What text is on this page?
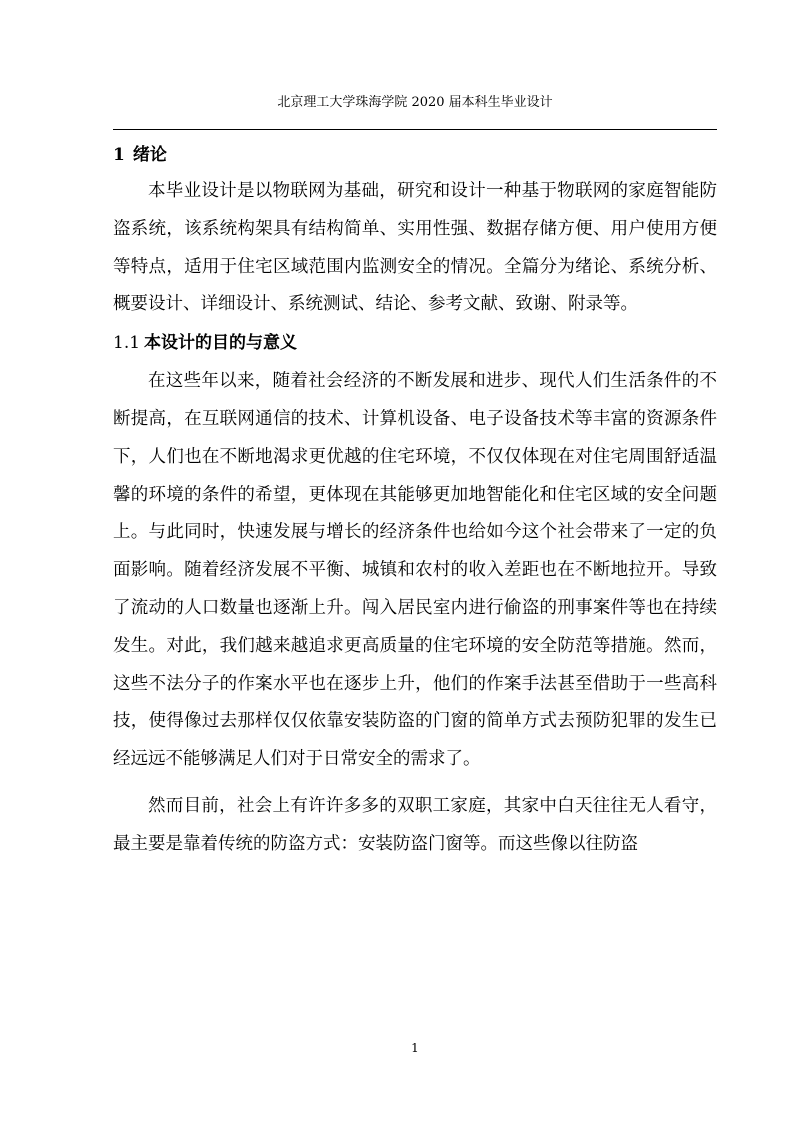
北京理工大学珠海学院 2020 届本科生毕业设计
1 绪论

本毕业设计是以物联网为基础，研究和设计一种基于物联网的家庭智能防盗系统，该系统构架具有结构简单、实用性强、数据存储方便、用户使用方便等特点，适用于住宅区域范围内监测安全的情况。全篇分为绪论、系统分析、概要设计、详细设计、系统测试、结论、参考文献、致谢、附录等。

1.1 本设计的目的与意义

在这些年以来，随着社会经济的不断发展和进步、现代人们生活条件的不断提高，在互联网通信的技术、计算机设备、电子设备技术等丰富的资源条件下，人们也在不断地渴求更优越的住宅环境，不仅仅体现在对住宅周围舒适温馨的环境的条件的希望，更体现在其能够更加地智能化和住宅区域的安全问题上。与此同时，快速发展与增长的经济条件也给如今这个社会带来了一定的负面影响。随着经济发展不平衡、城镇和农村的收入差距也在不断地拉开。导致了流动的人口数量也逐渐上升。闯入居民室内进行偷盗的刑事案件等也在持续发生。对此，我们越来越追求更高质量的住宅环境的安全防范等措施。然而，这些不法分子的作案水平也在逐步上升，他们的作案手法甚至借助于一些高科技，使得像过去那样仅仅依靠安装防盗的门窗的简单方式去预防犯罪的发生已经远远不能够满足人们对于日常安全的需求了。

然而目前，社会上有许许多多的双职工家庭，其家中白天往往无人看守，最主要是靠着传统的防盗方式：安装防盗门窗等。而这些像以往防盗

1
